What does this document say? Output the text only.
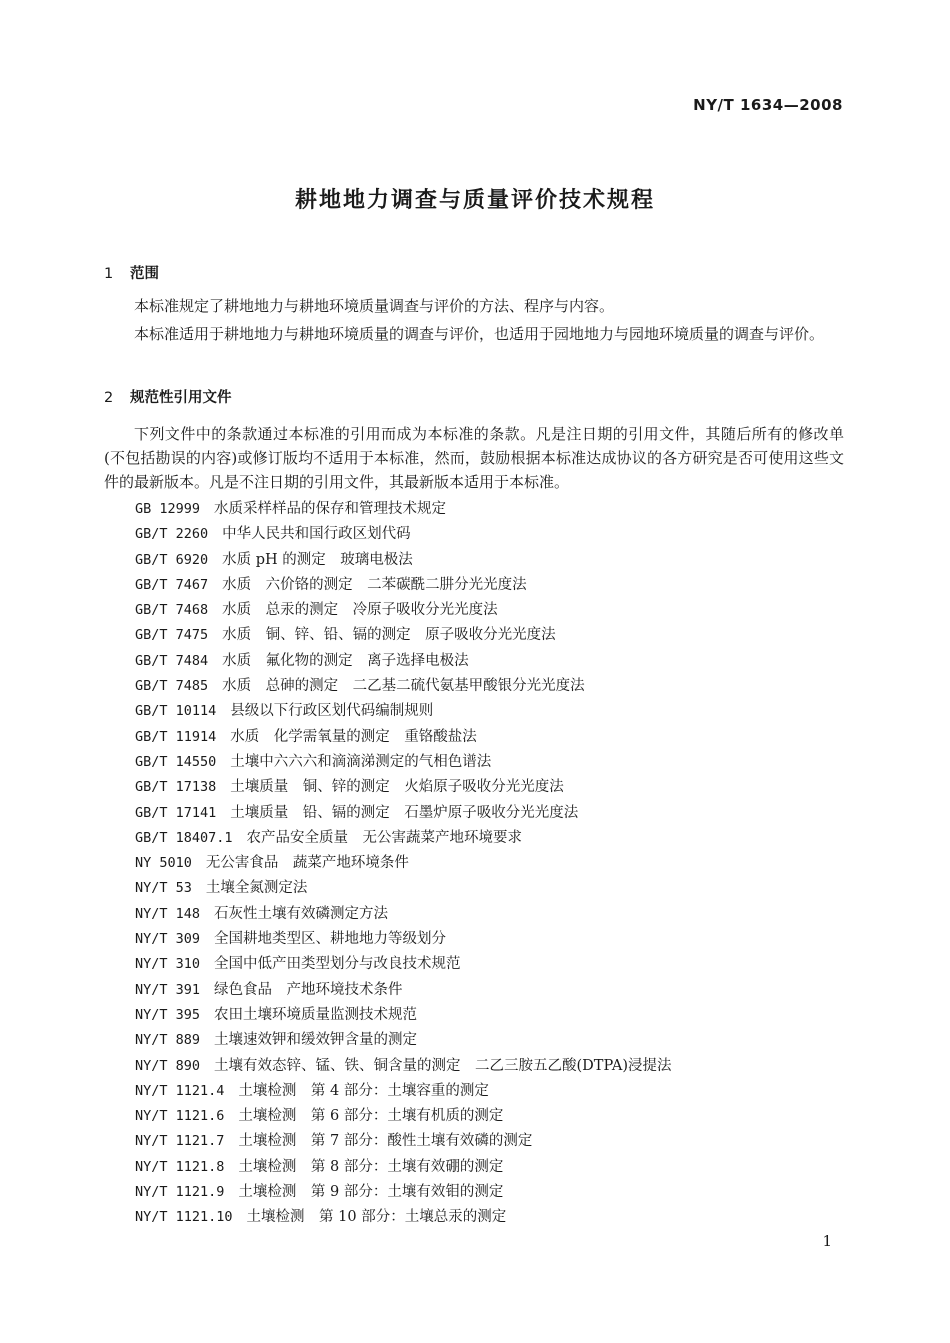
NY/T 1634—2008
耕地地力调查与质量评价技术规程
1 范围
本标准规定了耕地地力与耕地环境质量调查与评价的方法、程序与内容。
本标准适用于耕地地力与耕地环境质量的调查与评价，也适用于园地地力与园地环境质量的调查与评价。
2 规范性引用文件
下列文件中的条款通过本标准的引用而成为本标准的条款。凡是注日期的引用文件，其随后所有的修改单(不包括勘误的内容)或修订版均不适用于本标准，然而，鼓励根据本标准达成协议的各方研究是否可使用这些文件的最新版本。凡是不注日期的引用文件，其最新版本适用于本标准。
GB 12999 水质采样样品的保存和管理技术规定
GB/T 2260 中华人民共和国行政区划代码
GB/T 6920 水质 pH 的测定　玻璃电极法
GB/T 7467 水质　六价铬的测定　二苯碳酰二肼分光光度法
GB/T 7468 水质　总汞的测定　冷原子吸收分光光度法
GB/T 7475 水质　铜、锌、铅、镉的测定　原子吸收分光光度法
GB/T 7484 水质　氟化物的测定　离子选择电极法
GB/T 7485 水质　总砷的测定　二乙基二硫代氨基甲酸银分光光度法
GB/T 10114 县级以下行政区划代码编制规则
GB/T 11914 水质　化学需氧量的测定　重铬酸盐法
GB/T 14550 土壤中六六六和滴滴涕测定的气相色谱法
GB/T 17138 土壤质量　铜、锌的测定　火焰原子吸收分光光度法
GB/T 17141 土壤质量　铅、镉的测定　石墨炉原子吸收分光光度法
GB/T 18407.1 农产品安全质量　无公害蔬菜产地环境要求
NY 5010 无公害食品　蔬菜产地环境条件
NY/T 53 土壤全氮测定法
NY/T 148 石灰性土壤有效磷测定方法
NY/T 309 全国耕地类型区、耕地地力等级划分
NY/T 310 全国中低产田类型划分与改良技术规范
NY/T 391 绿色食品　产地环境技术条件
NY/T 395 农田土壤环境质量监测技术规范
NY/T 889 土壤速效钾和缓效钾含量的测定
NY/T 890 土壤有效态锌、锰、铁、铜含量的测定　二乙三胺五乙酸(DTPA)浸提法
NY/T 1121.4 土壤检测　第 4 部分：土壤容重的测定
NY/T 1121.6 土壤检测　第 6 部分：土壤有机质的测定
NY/T 1121.7 土壤检测　第 7 部分：酸性土壤有效磷的测定
NY/T 1121.8 土壤检测　第 8 部分：土壤有效硼的测定
NY/T 1121.9 土壤检测　第 9 部分：土壤有效钼的测定
NY/T 1121.10 土壤检测　第 10 部分：土壤总汞的测定
1
